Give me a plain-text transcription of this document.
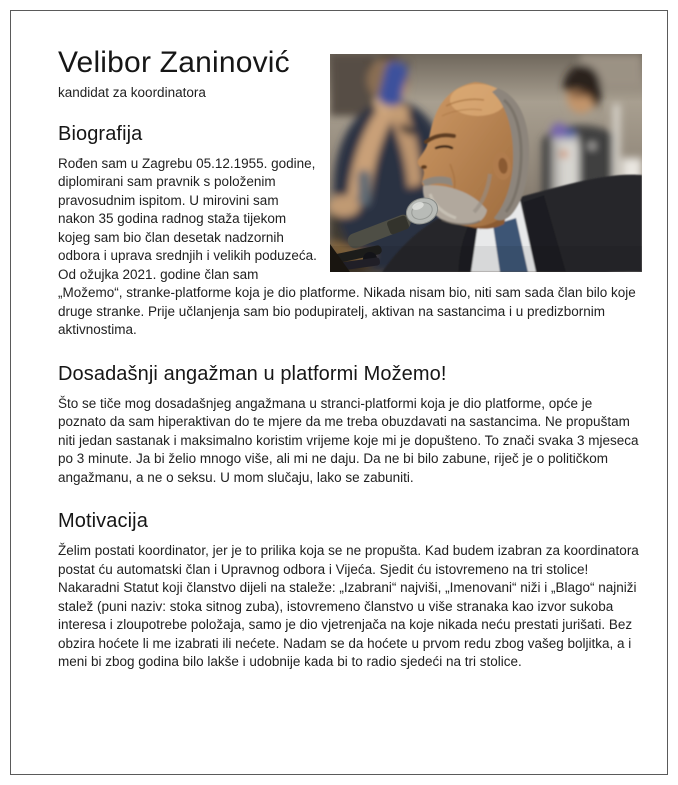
Velibor Zaninović
kandidat za koordinatora
Biografija

Rođen sam u Zagrebu 05.12.1955. godine, diplomirani sam pravnik s položenim pravosudnim ispitom. U mirovini sam nakon 35 godina radnog staža tijekom kojeg sam bio član desetak nadzornih odbora i uprava srednjih i velikih poduzeća. Od ožujka 2021. godine član sam „Možemo“, stranke-platforme koja je dio platforme. Nikada nisam bio, niti sam sada član bilo koje druge stranke. Prije učlanjenja sam bio podupiratelj, aktivan na sastancima i u predizbornim aktivnostima.

Dosadašnji angažman u platformi Možemo!

Što se tiče mog dosadašnjeg angažmana u stranci-platformi koja je dio platforme, opće je poznato da sam hiperaktivan do te mjere da me treba obuzdavati na sastancima. Ne propuštam niti jedan sastanak i maksimalno koristim vrijeme koje mi je dopušteno. To znači svaka 3 mjeseca po 3 minute. Ja bi želio mnogo više, ali mi ne daju. Da ne bi bilo zabune, riječ je o političkom angažmanu, a ne o seksu. U mom slučaju, lako se zabuniti.

Motivacija

Želim postati koordinator, jer je to prilika koja se ne propušta. Kad budem izabran za koordinatora postat ću automatski član i Upravnog odbora i Vijeća. Sjedit ću istovremeno na tri stolice! Nakaradni Statut koji članstvo dijeli na staleže: „Izabrani“ najviši, „Imenovani“ niži i „Blago“ najniži stalež (puni naziv: stoka sitnog zuba), istovremeno članstvo u više stranaka kao izvor sukoba interesa i zloupotrebe položaja, samo je dio vjetrenjača na koje nikada neću prestati jurišati. Bez obzira hoćete li me izabrati ili nećete. Nadam se da hoćete u prvom redu zbog vašeg boljitka, a i meni bi zbog godina bilo lakše i udobnije kada bi to radio sjedeći na tri stolice.
